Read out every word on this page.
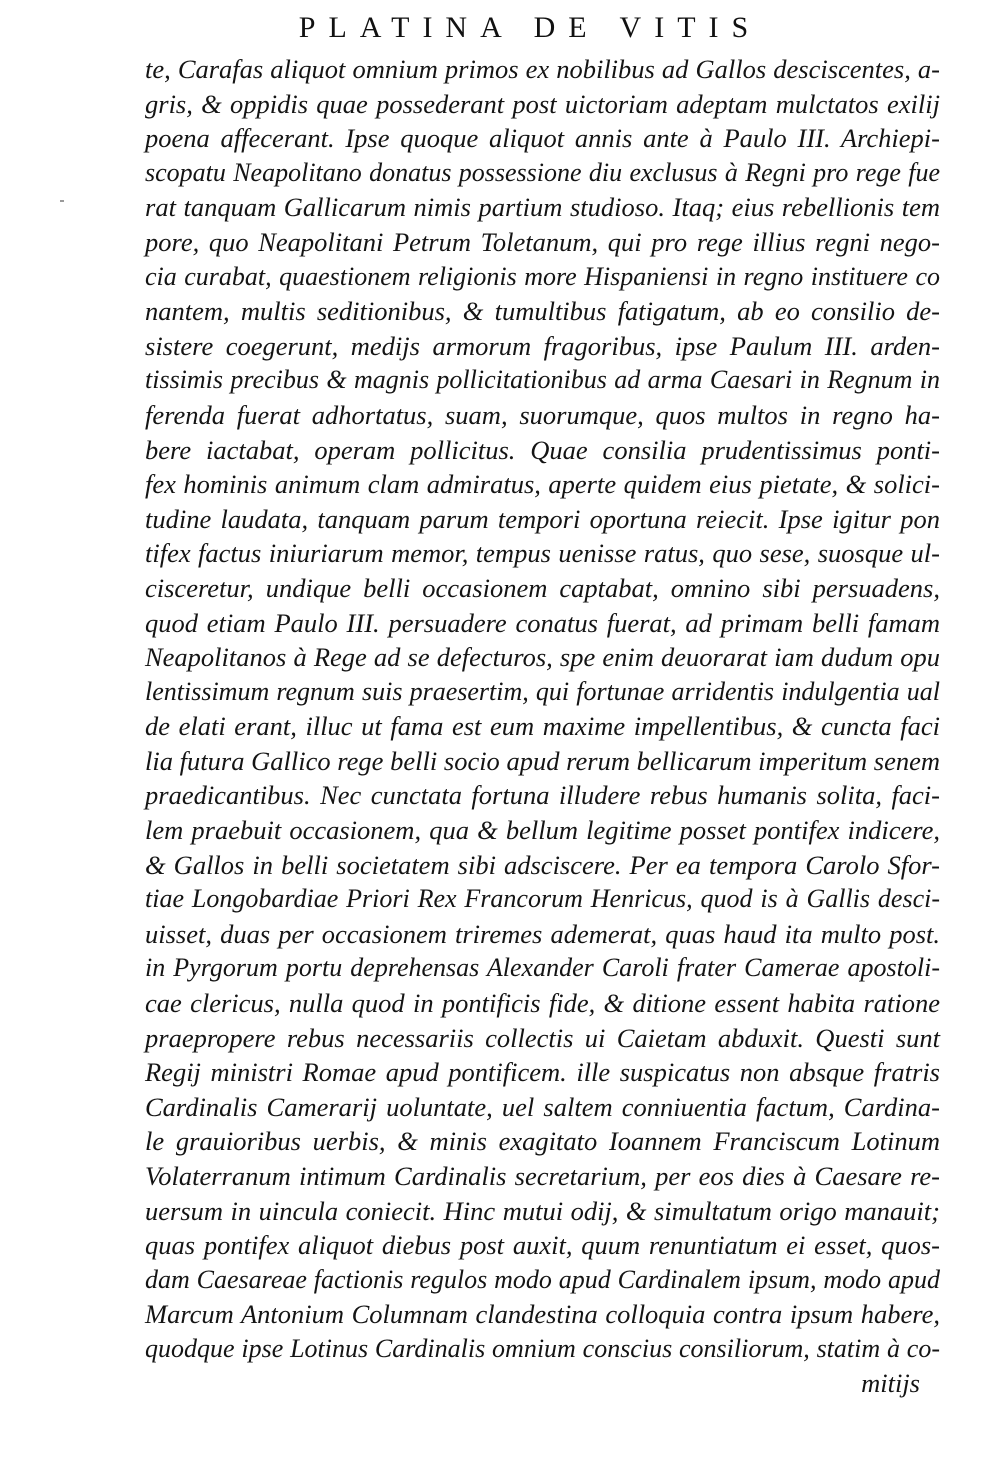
PLATINA DE VITIS
te, Carafas aliquot omnium primos ex nobilibus ad Gallos desciscentes, a-
gris, & oppidis quae possederant post uictoriam adeptam mulctatos exilij
poena affecerant. Ipse quoque aliquot annis ante à Paulo III. Archiepi-
scopatu Neapolitano donatus possessione diu exclusus à Regni pro rege fue
rat tanquam Gallicarum nimis partium studioso. Itaq; eius rebellionis tem
pore, quo Neapolitani Petrum Toletanum, qui pro rege illius regni nego-
cia curabat, quaestionem religionis more Hispaniensi in regno instituere co
nantem, multis seditionibus, & tumultibus fatigatum, ab eo consilio de-
sistere coegerunt, medijs armorum fragoribus, ipse Paulum III. arden-
tissimis precibus & magnis pollicitationibus ad arma Caesari in Regnum in
ferenda fuerat adhortatus, suam, suorumque, quos multos in regno ha-
bere iactabat, operam pollicitus. Quae consilia prudentissimus ponti-
fex hominis animum clam admiratus, aperte quidem eius pietate, & solici-
tudine laudata, tanquam parum tempori oportuna reiecit. Ipse igitur pon
tifex factus iniuriarum memor, tempus uenisse ratus, quo sese, suosque ul-
cisceretur, undique belli occasionem captabat, omnino sibi persuadens,
quod etiam Paulo III. persuadere conatus fuerat, ad primam belli famam
Neapolitanos à Rege ad se defecturos, spe enim deuorarat iam dudum opu
lentissimum regnum suis praesertim, qui fortunae arridentis indulgentia ual
de elati erant, illuc ut fama est eum maxime impellentibus, & cuncta faci
lia futura Gallico rege belli socio apud rerum bellicarum imperitum senem
praedicantibus. Nec cunctata fortuna illudere rebus humanis solita, faci-
lem praebuit occasionem, qua & bellum legitime posset pontifex indicere,
& Gallos in belli societatem sibi adsciscere. Per ea tempora Carolo Sfor-
tiae Longobardiae Priori Rex Francorum Henricus, quod is à Gallis desci-
uisset, duas per occasionem triremes ademerat, quas haud ita multo post.
in Pyrgorum portu deprehensas Alexander Caroli frater Camerae apostoli-
cae clericus, nulla quod in pontificis fide, & ditione essent habita ratione
praepropere rebus necessariis collectis ui Caietam abduxit. Questi sunt
Regij ministri Romae apud pontificem. ille suspicatus non absque fratris
Cardinalis Camerarij uoluntate, uel saltem conniuentia factum, Cardina-
le grauioribus uerbis, & minis exagitato Ioannem Franciscum Lotinum
Volaterranum intimum Cardinalis secretarium, per eos dies à Caesare re-
uersum in uincula coniecit. Hinc mutui odij, & simultatum origo manauit;
quas pontifex aliquot diebus post auxit, quum renuntiatum ei esset, quos-
dam Caesareae factionis regulos modo apud Cardinalem ipsum, modo apud
Marcum Antonium Columnam clandestina colloquia contra ipsum habere,
quodque ipse Lotinus Cardinalis omnium conscius consiliorum, statim à co-
mitijs
